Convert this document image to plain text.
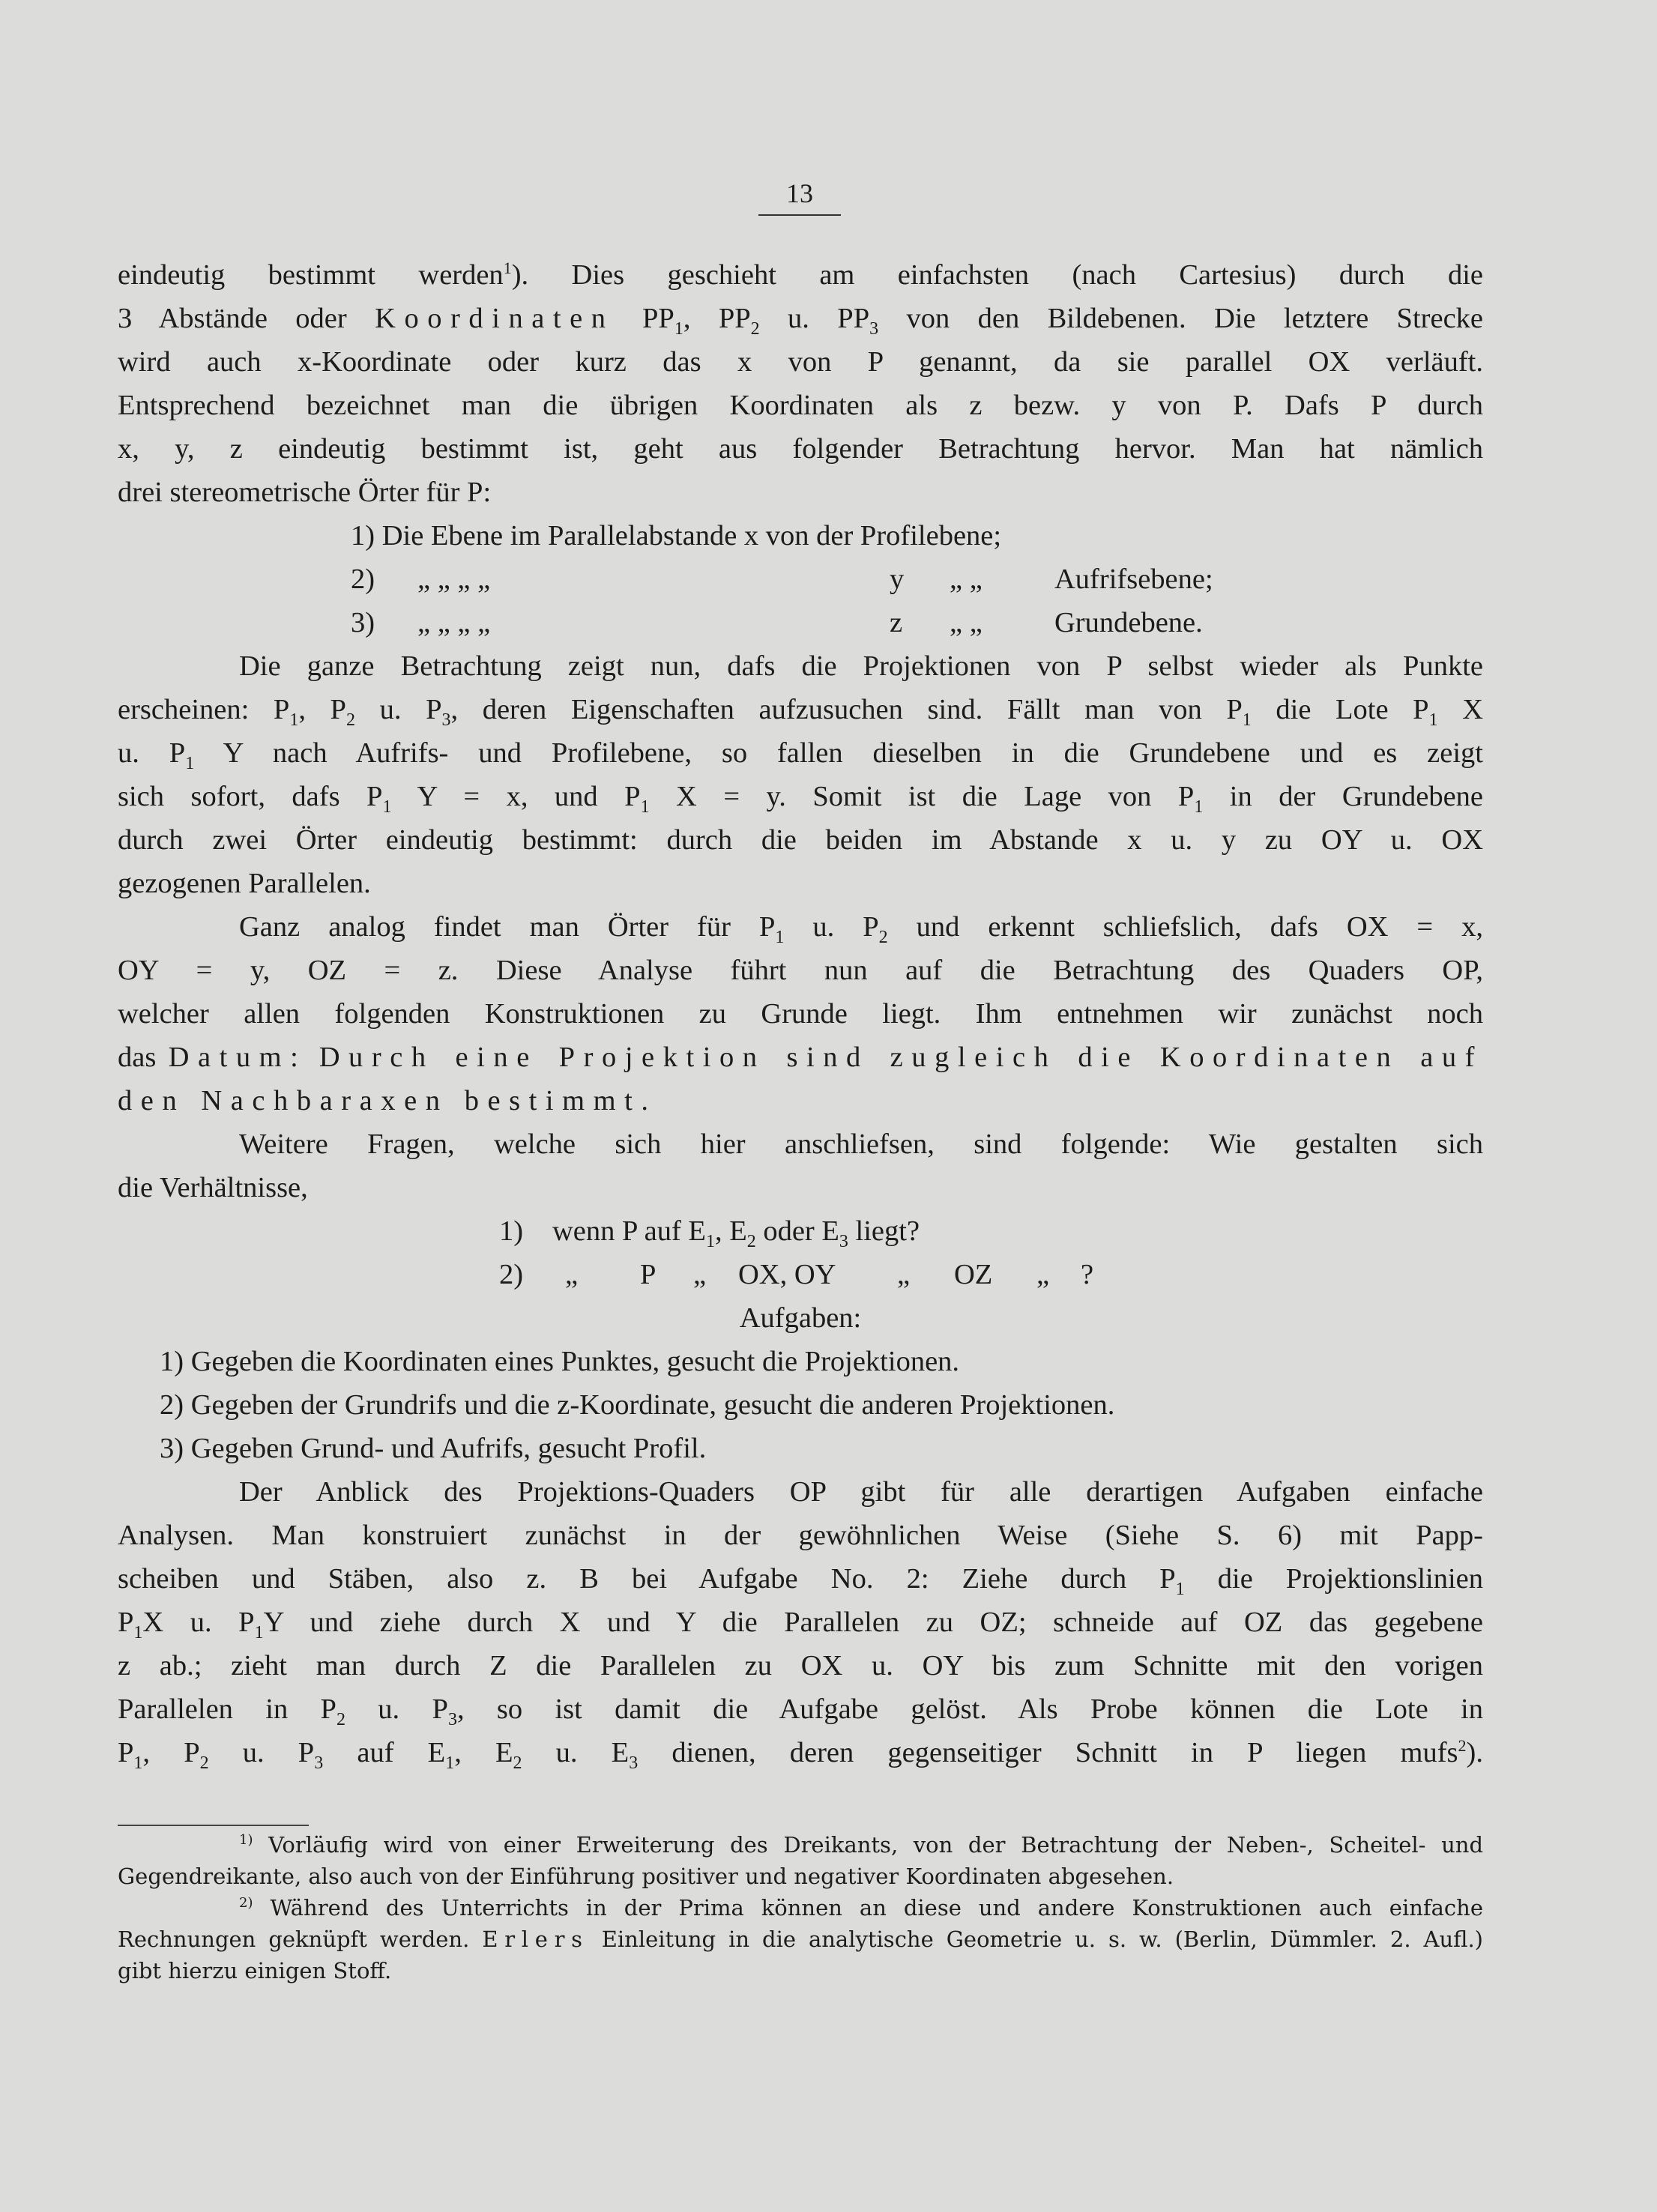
13
eindeutig bestimmt werden$^1$). Dies geschieht am einfachsten (nach Cartesius) durch die
3 Abstände oder Koordinaten $PP_1$, $PP_2$ u. $PP_3$ von den Bildebenen. Die letztere Strecke
wird auch x-Koordinate oder kurz das x von P genannt, da sie parallel OX verläuft.
Entsprechend bezeichnet man die übrigen Koordinaten als z bezw. y von P. Dafs P durch
x, y, z eindeutig bestimmt ist, geht aus folgender Betrachtung hervor. Man hat nämlich
drei stereometrische Örter für P:
1) Die Ebene im Parallelabstande x von der Profilebene;
2) „ „ „ „	y „ „ Aufrifsebene;
3) „ „ „ „	z „ „ Grundebene.
Die ganze Betrachtung zeigt nun, dafs die Projektionen von P selbst wieder als Punkte
erscheinen: $P_1$, $P_2$ u. $P_3$, deren Eigenschaften aufzusuchen sind. Fällt man von $P_1$ die Lote $P_1$ X
u. $P_1$ Y nach Aufrifs- und Profilebene, so fallen dieselben in die Grundebene und es zeigt
sich sofort, dafs $P_1$ Y = x, und $P_1$ X = y. Somit ist die Lage von $P_1$ in der Grundebene
durch zwei Örter eindeutig bestimmt: durch die beiden im Abstande x u. y zu OY u. OX
gezogenen Parallelen.
Ganz analog findet man Örter für $P_1$ u. $P_2$ und erkennt schliefslich, dafs OX = x,
OY = y, OZ = z. Diese Analyse führt nun auf die Betrachtung des Quaders OP,
welcher allen folgenden Konstruktionen zu Grunde liegt. Ihm entnehmen wir zunächst noch
das Datum: Durch eine Projektion sind zugleich die Koordinaten auf
den Nachbaraxen bestimmt.
Weitere Fragen, welche sich hier anschliefsen, sind folgende: Wie gestalten sich
die Verhältnisse,
1) wenn P auf $E_1$, $E_2$ oder $E_3$ liegt?
2) „ P „ OX, OY „ OZ „ ?
Aufgaben:
1) Gegeben die Koordinaten eines Punktes, gesucht die Projektionen.
2) Gegeben der Grundrifs und die z-Koordinate, gesucht die anderen Projektionen.
3) Gegeben Grund- und Aufrifs, gesucht Profil.
Der Anblick des Projektions-Quaders OP gibt für alle derartigen Aufgaben einfache
Analysen. Man konstruiert zunächst in der gewöhnlichen Weise (Siehe S. 6) mit Papp-
scheiben und Stäben, also z. B bei Aufgabe No. 2: Ziehe durch $P_1$ die Projektionslinien
$P_1X$ u. $P_1Y$ und ziehe durch X und Y die Parallelen zu OZ; schneide auf OZ das gegebene
z ab.; zieht man durch Z die Parallelen zu OX u. OY bis zum Schnitte mit den vorigen
Parallelen in $P_2$ u. $P_3$, so ist damit die Aufgabe gelöst. Als Probe können die Lote in
$P_1$, $P_2$ u. $P_3$ auf $E_1$, $E_2$ u. $E_3$ dienen, deren gegenseitiger Schnitt in P liegen mufs$^2$).
$^{1)}$ Vorläufig wird von einer Erweiterung des Dreikants, von der Betrachtung der Neben-, Scheitel- und
Gegendreikante, also auch von der Einführung positiver und negativer Koordinaten abgesehen.
$^{2)}$ Während des Unterrichts in der Prima können an diese und andere Konstruktionen auch einfache
Rechnungen geknüpft werden. Erlers Einleitung in die analytische Geometrie u. s. w. (Berlin, Dümmler. 2. Aufl.)
gibt hierzu einigen Stoff.
